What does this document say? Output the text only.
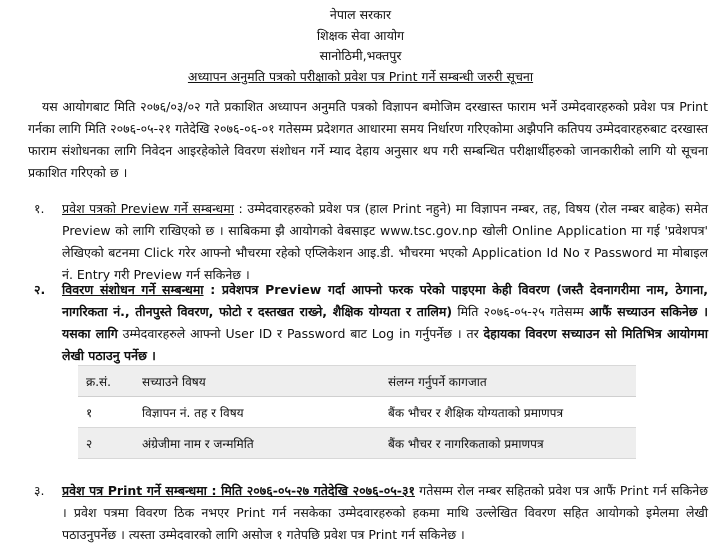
नेपाल सरकार
शिक्षक सेवा आयोग
सानोठिमी,भक्तपुर
अध्यापन अनुमति पत्रको परीक्षाको प्रवेश पत्र Print गर्ने सम्बन्धी जरुरी सूचना
यस आयोगबाट मिति २०७६/०३/०२ गते प्रकाशित अध्यापन अनुमति पत्रको विज्ञापन बमोजिम दरखास्त फाराम भर्ने उम्मेदवारहरुको प्रवेश पत्र Print गर्नका लागि मिति २०७६-०५-२१ गतेदेखि २०७६-०६-०१ गतेसम्म प्रदेशगत आधारमा समय निर्धारण गरिएकोमा अझैपनि कतिपय उम्मेदवारहरुबाट दरखास्त फाराम संशोधनका लागि निवेदन आइरहेकोले विवरण संशोधन गर्ने म्याद देहाय अनुसार थप गरी सम्बन्धित परीक्षार्थीहरुको जानकारीको लागि यो सूचना प्रकाशित गरिएको छ ।
१. प्रवेश पत्रको Preview गर्ने सम्बन्धमा : उम्मेदवारहरुको प्रवेश पत्र (हाल Print नहुने) मा विज्ञापन नम्बर, तह, विषय (रोल नम्बर बाहेक) समेत Preview को लागि राखिएको छ । साबिकमा झै आयोगको वेबसाइट www.tsc.gov.np खोली Online Application मा गई 'प्रवेशपत्र' लेखिएको बटनमा Click गरेर आफ्नो भौचरमा रहेको एप्लिकेशन आइ.डी. भौचरमा भएको Application Id No र Password मा मोबाइल नं. Entry गरी Preview गर्न सकिनेछ ।
२. विवरण संशोधन गर्ने सम्बन्धमा : प्रवेशपत्र Preview गर्दा आफ्नो फरक परेको पाइएमा केही विवरण (जस्तै देवनागरीमा नाम, ठेगाना, नागरिकता नं., तीनपुस्ते विवरण, फोटो र दस्तखत राख्ने, शैक्षिक योग्यता र तालिम) मिति २०७६-०५-२५ गतेसम्म आफैं सच्याउन सकिनेछ । यसका लागि उम्मेदवारहरुले आफ्नो User ID र Password बाट Log in गर्नुपर्नेछ । तर देहायका विवरण सच्याउन सो मितिभित्र आयोगमा लेखी पठाउनु पर्नेछ ।
क्र.सं.	सच्याउने विषय	संलग्न गर्नुपर्ने कागजात
१	विज्ञापन नं. तह र विषय	बैंक भौचर र शैक्षिक योग्यताको प्रमाणपत्र
२	अंग्रेजीमा नाम र जन्ममिति	बैंक भौचर र नागरिकताको प्रमाणपत्र
३. प्रवेश पत्र Print गर्ने सम्बन्धमा : मिति २०७६-०५-२७ गतेदेखि २०७६-०५-३१ गतेसम्म रोल नम्बर सहितको प्रवेश पत्र आफैं Print गर्न सकिनेछ । प्रवेश पत्रमा विवरण ठिक नभएर Print गर्न नसकेका उम्मेदवारहरुको हकमा माथि उल्लेखित विवरण सहित आयोगको इमेलमा लेखी पठाउनुपर्नेछ । त्यस्ता उम्मेदवारको लागि असोज १ गतेपछि प्रवेश पत्र Print गर्न सकिनेछ ।
